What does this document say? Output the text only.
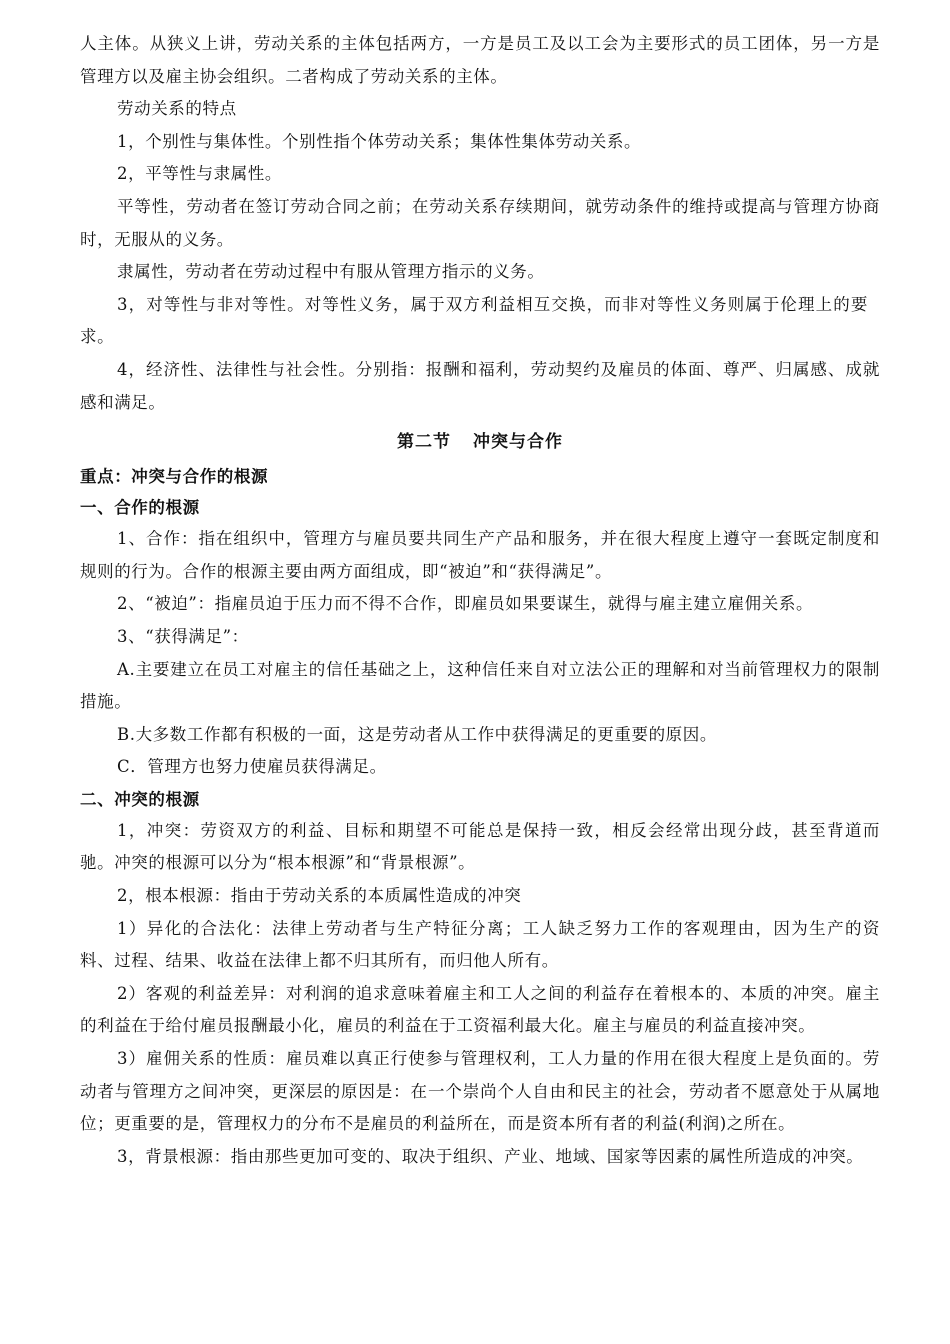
人主体。从狭义上讲，劳动关系的主体包括两方，一方是员工及以工会为主要形式的员工团体，另一方是管理方以及雇主协会组织。二者构成了劳动关系的主体。

劳动关系的特点

1，个别性与集体性。个别性指个体劳动关系；集体性集体劳动关系。

2，平等性与隶属性。

平等性，劳动者在签订劳动合同之前；在劳动关系存续期间，就劳动条件的维持或提高与管理方协商时，无服从的义务。

隶属性，劳动者在劳动过程中有服从管理方指示的义务。

3，对等性与非对等性。对等性义务，属于双方利益相互交换，而非对等性义务则属于伦理上的要求。

4，经济性、法律性与社会性。分别指：报酬和福利，劳动契约及雇员的体面、尊严、归属感、成就感和满足。

第二节 冲突与合作
重点：冲突与合作的根源
一、合作的根源

1、合作：指在组织中，管理方与雇员要共同生产产品和服务，并在很大程度上遵守一套既定制度和规则的行为。合作的根源主要由两方面组成，即“被迫”和“获得满足”。

2、“被迫”：指雇员迫于压力而不得不合作，即雇员如果要谋生，就得与雇主建立雇佣关系。

3、“获得满足”：

A.主要建立在员工对雇主的信任基础之上，这种信任来自对立法公正的理解和对当前管理权力的限制措施。

B.大多数工作都有积极的一面，这是劳动者从工作中获得满足的更重要的原因。

C．管理方也努力使雇员获得满足。

二、冲突的根源

1，冲突：劳资双方的利益、目标和期望不可能总是保持一致，相反会经常出现分歧，甚至背道而驰。冲突的根源可以分为“根本根源”和“背景根源”。

2，根本根源：指由于劳动关系的本质属性造成的冲突

1）异化的合法化：法律上劳动者与生产特征分离；工人缺乏努力工作的客观理由，因为生产的资料、过程、结果、收益在法律上都不归其所有，而归他人所有。

2）客观的利益差异：对利润的追求意味着雇主和工人之间的利益存在着根本的、本质的冲突。雇主的利益在于给付雇员报酬最小化，雇员的利益在于工资福利最大化。雇主与雇员的利益直接冲突。

3）雇佣关系的性质：雇员难以真正行使参与管理权利，工人力量的作用在很大程度上是负面的。劳动者与管理方之间冲突，更深层的原因是：在一个崇尚个人自由和民主的社会，劳动者不愿意处于从属地位；更重要的是，管理权力的分布不是雇员的利益所在，而是资本所有者的利益(利润)之所在。

3，背景根源：指由那些更加可变的、取决于组织、产业、地域、国家等因素的属性所造成的冲突。
